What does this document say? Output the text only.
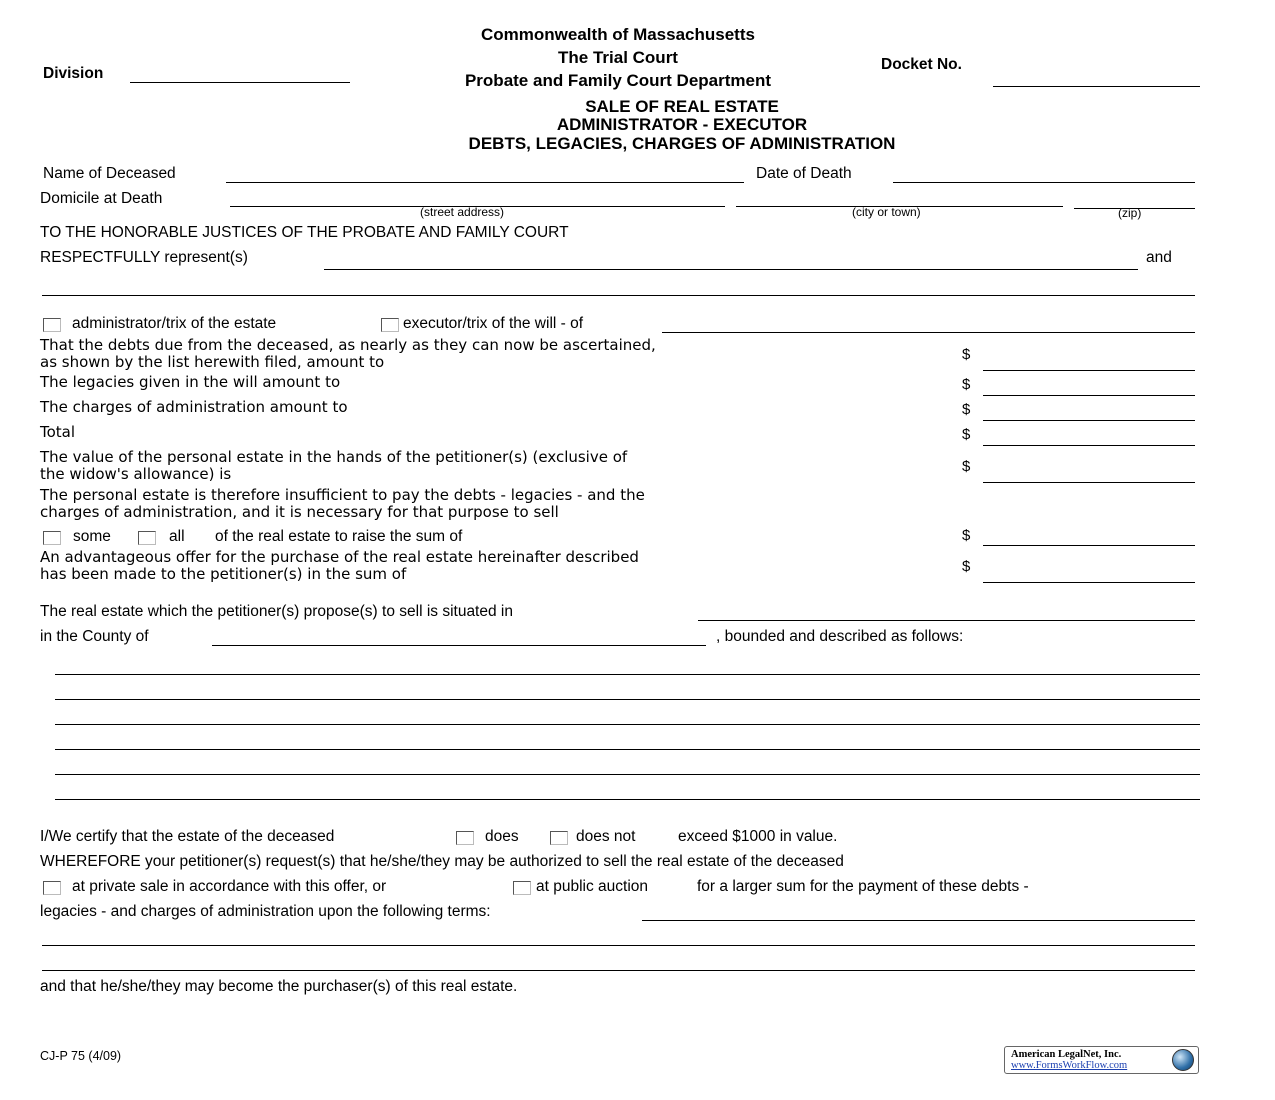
Commonwealth of Massachusetts
The Trial Court
Probate and Family Court Department
Division
Docket No.
SALE OF REAL ESTATE
ADMINISTRATOR - EXECUTOR
DEBTS, LEGACIES, CHARGES OF ADMINISTRATION
Name of Deceased	Date of Death
Domicile at Death
(street address)	(city or town)	(zip)
TO THE HONORABLE JUSTICES OF THE PROBATE AND FAMILY COURT
RESPECTFULLY represent(s)	and
administrator/trix of the estate	executor/trix of the will - of
That the debts due from the deceased, as nearly as they can now be ascertained,
as shown by the list herewith filed, amount to	$
The legacies given in the will amount to	$
The charges of administration amount to	$
Total	$
The value of the personal estate in the hands of the petitioner(s) (exclusive of
the widow's allowance) is	$
The personal estate is therefore insufficient to pay the debts - legacies - and the
charges of administration, and it is necessary for that purpose to sell
some	all of the real estate to raise the sum of	$
An advantageous offer for the purchase of the real estate hereinafter described
has been made to the petitioner(s) in the sum of	$
The real estate which the petitioner(s) propose(s) to sell is situated in
in the County of	, bounded and described as follows:
I/We certify that the estate of the deceased	does	does not	exceed $1000 in value.
WHEREFORE your petitioner(s) request(s) that he/she/they may be authorized to sell the real estate of the deceased
at private sale in accordance with this offer, or	at public auction	for a larger sum for the payment of these debts -
legacies - and charges of administration upon the following terms:
and that he/she/they may become the purchaser(s) of this real estate.
CJ-P 75 (4/09)	American LegalNet, Inc.
www.FormsWorkFlow.com
